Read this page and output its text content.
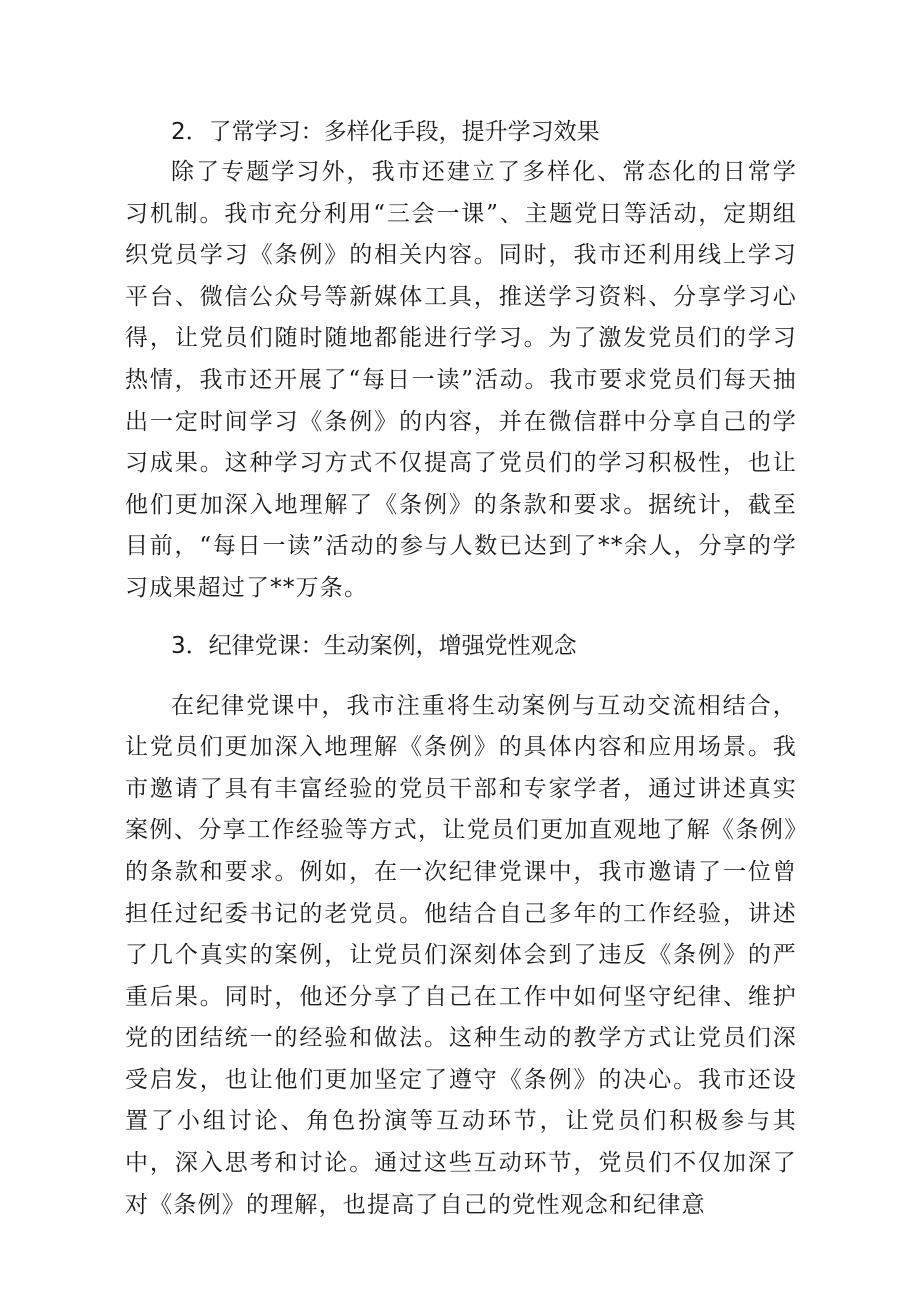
2．了常学习：多样化手段，提升学习效果

除了专题学习外，我市还建立了多样化、常态化的日常学习机制。我市充分利用“三会一课”、主题党日等活动，定期组织党员学习《条例》的相关内容。同时，我市还利用线上学习平台、微信公众号等新媒体工具，推送学习资料、分享学习心得，让党员们随时随地都能进行学习。为了激发党员们的学习热情，我市还开展了“每日一读”活动。我市要求党员们每天抽出一定时间学习《条例》的内容，并在微信群中分享自己的学习成果。这种学习方式不仅提高了党员们的学习积极性，也让他们更加深入地理解了《条例》的条款和要求。据统计，截至目前，“每日一读”活动的参与人数已达到了**余人，分享的学习成果超过了**万条。

3．纪律党课：生动案例，增强党性观念

在纪律党课中，我市注重将生动案例与互动交流相结合，让党员们更加深入地理解《条例》的具体内容和应用场景。我市邀请了具有丰富经验的党员干部和专家学者，通过讲述真实案例、分享工作经验等方式，让党员们更加直观地了解《条例》的条款和要求。例如，在一次纪律党课中，我市邀请了一位曾担任过纪委书记的老党员。他结合自己多年的工作经验，讲述了几个真实的案例，让党员们深刻体会到了违反《条例》的严重后果。同时，他还分享了自己在工作中如何坚守纪律、维护党的团结统一的经验和做法。这种生动的教学方式让党员们深受启发，也让他们更加坚定了遵守《条例》的决心。我市还设置了小组讨论、角色扮演等互动环节，让党员们积极参与其中，深入思考和讨论。通过这些互动环节，党员们不仅加深了对《条例》的理解，也提高了自己的党性观念和纪律意
